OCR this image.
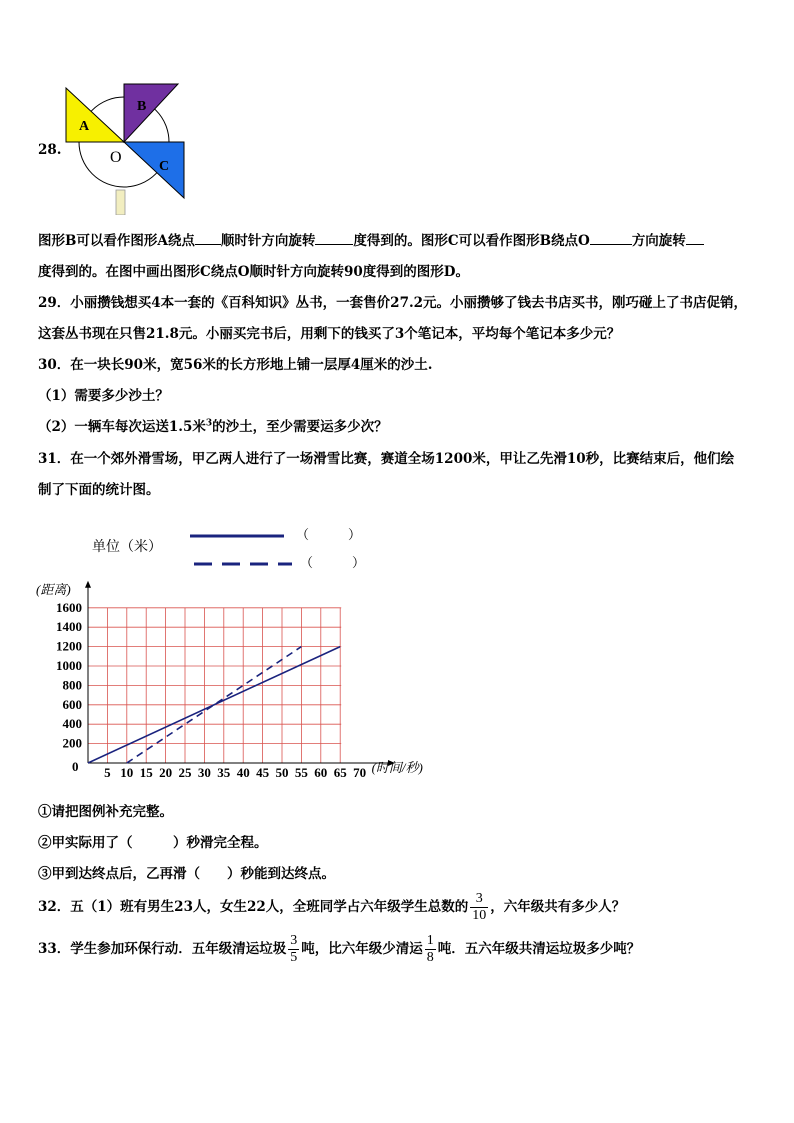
28.
A
B
C
O
图形B可以看作图形A绕点 顺时针方向旋转	度得到的。图形C可以看作图形B绕点O	方向旋转
度得到的。在图中画出图形C绕点O顺时针方向旋转90度得到的图形D。
29．小丽攒钱想买4本一套的《百科知识》丛书，一套售价27.2元。小丽攒够了钱去书店买书，刚巧碰上了书店促销，
这套丛书现在只售21.8元。小丽买完书后，用剩下的钱买了3个笔记本，平均每个笔记本多少元？
30．在一块长90米，宽56米的长方形地上铺一层厚4厘米的沙土.
（1）需要多少沙土？
（2）一辆车每次运送1.5米$^3$的沙土，至少需要运多少次？
31．在一个郊外滑雪场，甲乙两人进行了一场滑雪比赛，赛道全场1200米，甲让乙先滑10秒，比赛结束后，他们绘
制了下面的统计图。
单位（米）
（　　　）
（　　　）
(距离)
(时间/秒)
0
200
400
600
800
1000
1200
1400
1600
5 10 15 20 25 30 35 40 45 50 55 60 65 70
①请把图例补充完整。
②甲实际用了（　　　）秒滑完全程。
③甲到达终点后，乙再滑（　　）秒能到达终点。
32．五（1）班有男生23人，女生22人，全班同学占六年级学生总数的 $\frac{3}{10}$ ，六年级共有多少人？
33．学生参加环保行动．五年级清运垃圾 $\frac{3}{5}$ 吨，比六年级少清运 $\frac{1}{8}$ 吨．五六年级共清运垃圾多少吨？
